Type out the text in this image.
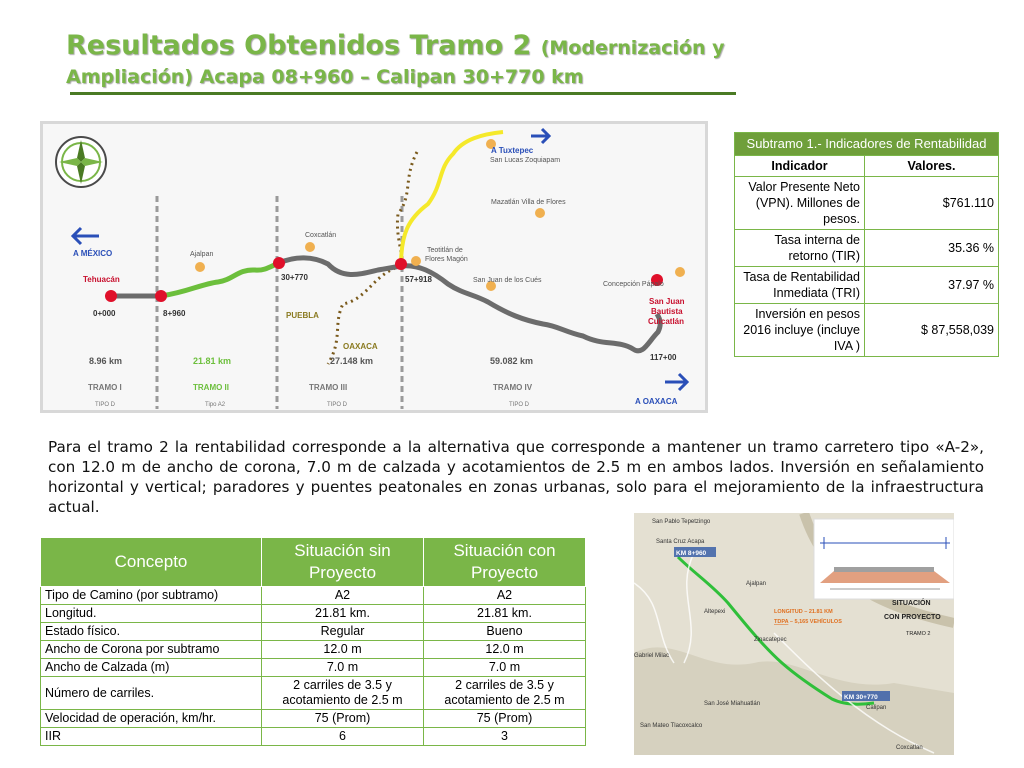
Resultados Obtenidos Tramo 2 (Modernización y
Ampliación) Acapa 08+960 – Calipan 30+770 km
A Tuxtepec
A MÉXICO
A OAXACA
Tehuacán
Ajalpan
Coxcatlán
San Lucas Zoquiapam
Mazatlán Villa de Flores
Teotitlán de
Flores Magón
San Juan de los Cués
Concepción Pápalo
San Juan
Bautista
Cuicatlán
PUEBLA
OAXACA
0+000	8+960
30+770	57+918
117+00
8.96 km	21.81 km	27.148 km	59.082 km
TRAMO I
TIPO D
TRAMO II
Tipo A2
TRAMO III
TIPO D
TRAMO IV
TIPO D
Subtramo 1.- Indicadores de Rentabilidad	
Indicador	Valores.
Valor Presente Neto (VPN). Millones de pesos.	$761.110
Tasa interna de retorno (TIR)	35.36 %
Tasa de Rentabilidad Inmediata (TRI)	37.97 %
Inversión en pesos 2016 incluye (incluye IVA )	$ 87,558,039

Para el tramo 2 la rentabilidad corresponde a la alternativa que corresponde a mantener un tramo carretero tipo «A-2», con 12.0 m de ancho de corona, 7.0 m de calzada y acotamientos de 2.5 m en ambos lados. Inversión en señalamiento horizontal y vertical; paradores y puentes peatonales en zonas urbanas, solo para el mejoramiento de la infraestructura actual.

Concepto	Situación sin Proyecto	Situación con Proyecto
Tipo de Camino (por subtramo)	A2	A2
Longitud.	21.81 km.	21.81 km.
Estado físico.	Regular	Bueno
Ancho de Corona por subtramo	12.0 m	12.0 m
Ancho de Calzada (m)	7.0 m	7.0 m
Número de carriles.	2 carriles de 3.5 y acotamiento de 2.5 m	2 carriles de 3.5 y acotamiento de 2.5 m
Velocidad de operación, km/hr.	75 (Prom)	75 (Prom)
IIR	6	3
San Pablo Tepetzingo
Santa Cruz Acapa
Altepexi
Ajalpan
Zinacatepec
Gabriel Milac
San José Miahuatlán
San Mateo Tlacoxcalco
Calipan
Coxcatlan
KM 8+960
KM 30+770
LONGITUD – 21.81 KM
TDPA – 5,165 VEHÍCULOS
SITUACIÓN
CON PROYECTO
TRAMO 2
